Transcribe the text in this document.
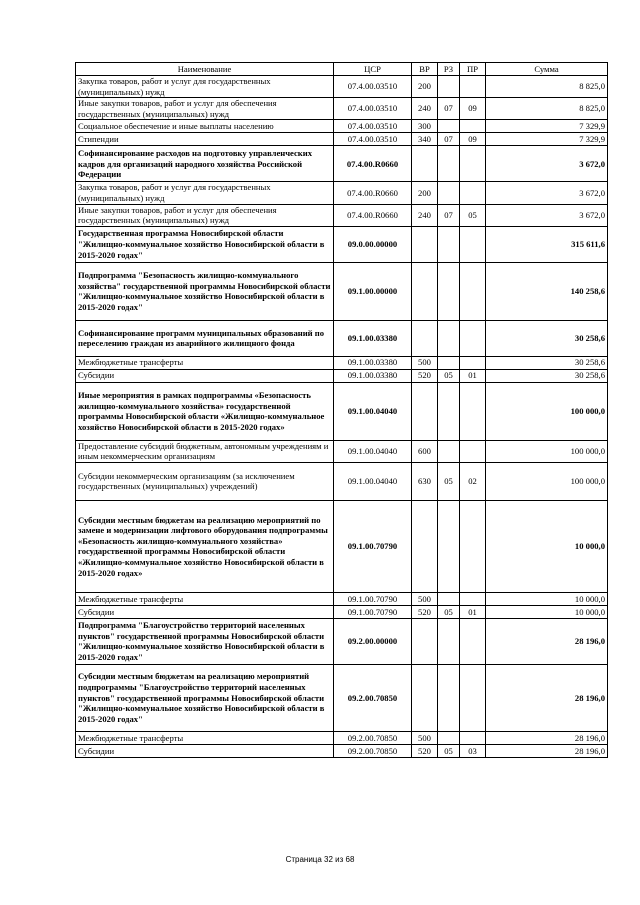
Наименование	ЦСР	ВР	РЗ	ПР	Сумма
Закупка товаров, работ и услуг для государственных (муниципальных) нужд	07.4.00.03510	200			8 825,0
Иные закупки товаров, работ и услуг для обеспечения государственных (муниципальных) нужд	07.4.00.03510	240	07	09	8 825,0
Социальное обеспечение и иные выплаты населению	07.4.00.03510	300			7 329,9
Стипендии	07.4.00.03510	340	07	09	7 329,9
Софинансирование расходов на подготовку управленческих кадров для организаций народного хозяйства Российской Федерации	07.4.00.R0660				3 672,0
Закупка товаров, работ и услуг для государственных (муниципальных) нужд	07.4.00.R0660	200			3 672,0
Иные закупки товаров, работ и услуг для обеспечения государственных (муниципальных) нужд	07.4.00.R0660	240	07	05	3 672,0
Государственная программа Новосибирской области "Жилищно-коммунальное хозяйство Новосибирской области в 2015-2020 годах"	09.0.00.00000				315 611,6
Подпрограмма "Безопасность жилищно-коммунального хозяйства" государственной программы Новосибирской области "Жилищно-коммунальное хозяйство Новосибирской области в 2015-2020 годах"	09.1.00.00000				140 258,6
Софинансирование программ муниципальных образований по переселению граждан из аварийного жилищного фонда	09.1.00.03380				30 258,6
Межбюджетные трансферты	09.1.00.03380	500			30 258,6
Субсидии	09.1.00.03380	520	05	01	30 258,6
Иные мероприятия в рамках подпрограммы «Безопасность жилищно-коммунального хозяйства» государственной программы Новосибирской области «Жилищно-коммунальное хозяйство Новосибирской области в 2015-2020 годах»	09.1.00.04040				100 000,0
Предоставление субсидий бюджетным, автономным учреждениям и иным некоммерческим организациям	09.1.00.04040	600			100 000,0
Субсидии некоммерческим организациям (за исключением государственных (муниципальных) учреждений)	09.1.00.04040	630	05	02	100 000,0
Субсидии местным бюджетам на реализацию мероприятий по замене и модернизации лифтового оборудования подпрограммы «Безопасность жилищно-коммунального хозяйства» государственной программы Новосибирской области «Жилищно-коммунальное хозяйство Новосибирской области в 2015-2020 годах»	09.1.00.70790				10 000,0
Межбюджетные трансферты	09.1.00.70790	500			10 000,0
Субсидии	09.1.00.70790	520	05	01	10 000,0
Подпрограмма "Благоустройство территорий населенных пунктов" государственной программы Новосибирской области "Жилищно-коммунальное хозяйство Новосибирской области в 2015-2020 годах"	09.2.00.00000				28 196,0
Субсидии местным бюджетам на реализацию мероприятий подпрограммы "Благоустройство территорий населенных пунктов" государственной программы Новосибирской области "Жилищно-коммунальное хозяйство Новосибирской области в 2015-2020 годах"	09.2.00.70850				28 196,0
Межбюджетные трансферты	09.2.00.70850	500			28 196,0
Субсидии	09.2.00.70850	520	05	03	28 196,0
Страница 32 из 68
